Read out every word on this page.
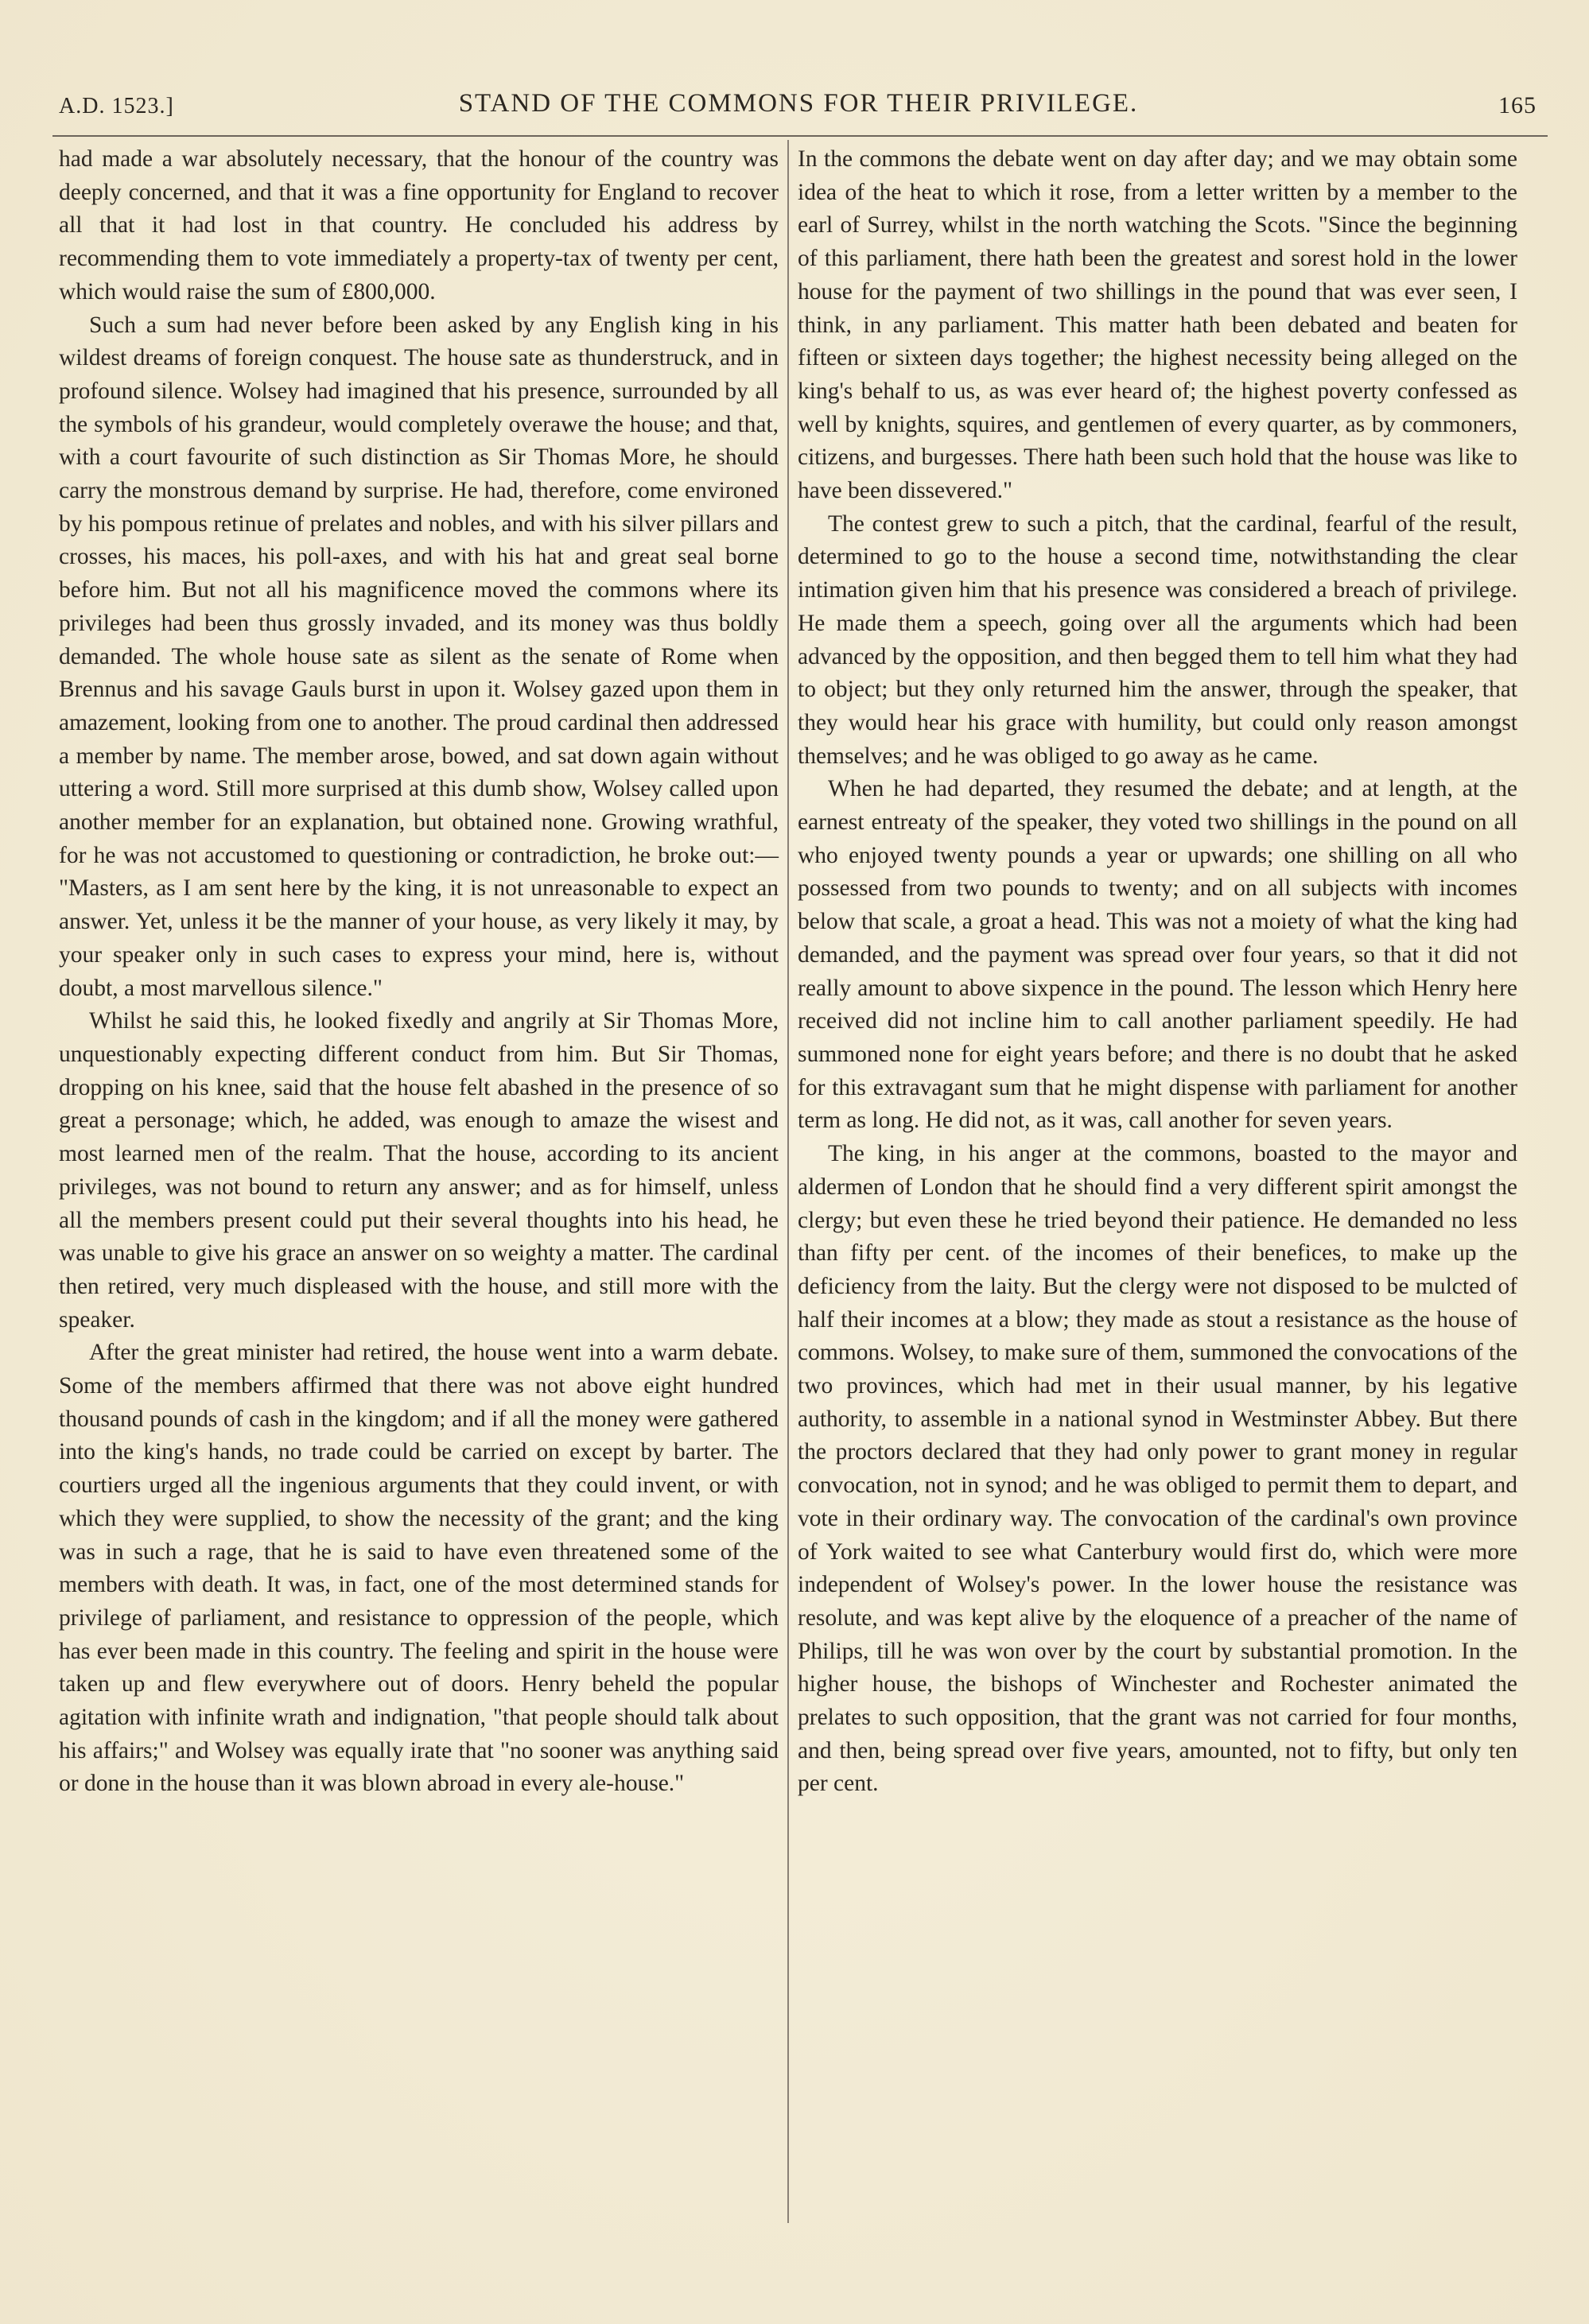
A.D. 1523.]	STAND OF THE COMMONS FOR THEIR PRIVILEGE.	165

had made a war absolutely necessary, that the honour of the country was deeply concerned, and that it was a fine opportunity for England to recover all that it had lost in that country. He concluded his address by recommending them to vote immediately a property-tax of twenty per cent, which would raise the sum of £800,000.

Such a sum had never before been asked by any English king in his wildest dreams of foreign conquest. The house sate as thunderstruck, and in profound silence. Wolsey had imagined that his presence, surrounded by all the symbols of his grandeur, would completely overawe the house; and that, with a court favourite of such distinction as Sir Thomas More, he should carry the monstrous demand by surprise. He had, therefore, come environed by his pompous retinue of prelates and nobles, and with his silver pillars and crosses, his maces, his poll-axes, and with his hat and great seal borne before him. But not all his magnificence moved the commons where its privileges had been thus grossly invaded, and its money was thus boldly demanded. The whole house sate as silent as the senate of Rome when Brennus and his savage Gauls burst in upon it. Wolsey gazed upon them in amazement, looking from one to another. The proud cardinal then addressed a member by name. The member arose, bowed, and sat down again without uttering a word. Still more surprised at this dumb show, Wolsey called upon another member for an explanation, but obtained none. Growing wrathful, for he was not accustomed to questioning or contradiction, he broke out:— "Masters, as I am sent here by the king, it is not unreasonable to expect an answer. Yet, unless it be the manner of your house, as very likely it may, by your speaker only in such cases to express your mind, here is, without doubt, a most marvellous silence."

Whilst he said this, he looked fixedly and angrily at Sir Thomas More, unquestionably expecting different conduct from him. But Sir Thomas, dropping on his knee, said that the house felt abashed in the presence of so great a personage; which, he added, was enough to amaze the wisest and most learned men of the realm. That the house, according to its ancient privileges, was not bound to return any answer; and as for himself, unless all the members present could put their several thoughts into his head, he was unable to give his grace an answer on so weighty a matter. The cardinal then retired, very much displeased with the house, and still more with the speaker.

After the great minister had retired, the house went into a warm debate. Some of the members affirmed that there was not above eight hundred thousand pounds of cash in the kingdom; and if all the money were gathered into the king's hands, no trade could be carried on except by barter. The courtiers urged all the ingenious arguments that they could invent, or with which they were supplied, to show the necessity of the grant; and the king was in such a rage, that he is said to have even threatened some of the members with death. It was, in fact, one of the most determined stands for privilege of parliament, and resistance to oppression of the people, which has ever been made in this country. The feeling and spirit in the house were taken up and flew everywhere out of doors. Henry beheld the popular agitation with infinite wrath and indignation, "that people should talk about his affairs;" and Wolsey was equally irate that "no sooner was anything said or done in the house than it was blown abroad in every ale-house."

In the commons the debate went on day after day; and we may obtain some idea of the heat to which it rose, from a letter written by a member to the earl of Surrey, whilst in the north watching the Scots. "Since the beginning of this parliament, there hath been the greatest and sorest hold in the lower house for the payment of two shillings in the pound that was ever seen, I think, in any parliament. This matter hath been debated and beaten for fifteen or sixteen days together; the highest necessity being alleged on the king's behalf to us, as was ever heard of; the highest poverty confessed as well by knights, squires, and gentlemen of every quarter, as by commoners, citizens, and burgesses. There hath been such hold that the house was like to have been dissevered."

The contest grew to such a pitch, that the cardinal, fearful of the result, determined to go to the house a second time, notwithstanding the clear intimation given him that his presence was considered a breach of privilege. He made them a speech, going over all the arguments which had been advanced by the opposition, and then begged them to tell him what they had to object; but they only returned him the answer, through the speaker, that they would hear his grace with humility, but could only reason amongst themselves; and he was obliged to go away as he came.

When he had departed, they resumed the debate; and at length, at the earnest entreaty of the speaker, they voted two shillings in the pound on all who enjoyed twenty pounds a year or upwards; one shilling on all who possessed from two pounds to twenty; and on all subjects with incomes below that scale, a groat a head. This was not a moiety of what the king had demanded, and the payment was spread over four years, so that it did not really amount to above sixpence in the pound. The lesson which Henry here received did not incline him to call another parliament speedily. He had summoned none for eight years before; and there is no doubt that he asked for this extravagant sum that he might dispense with parliament for another term as long. He did not, as it was, call another for seven years.

The king, in his anger at the commons, boasted to the mayor and aldermen of London that he should find a very different spirit amongst the clergy; but even these he tried beyond their patience. He demanded no less than fifty per cent. of the incomes of their benefices, to make up the deficiency from the laity. But the clergy were not disposed to be mulcted of half their incomes at a blow; they made as stout a resistance as the house of commons. Wolsey, to make sure of them, summoned the convocations of the two provinces, which had met in their usual manner, by his legative authority, to assemble in a national synod in Westminster Abbey. But there the proctors declared that they had only power to grant money in regular convocation, not in synod; and he was obliged to permit them to depart, and vote in their ordinary way. The convocation of the cardinal's own province of York waited to see what Canterbury would first do, which were more independent of Wolsey's power. In the lower house the resistance was resolute, and was kept alive by the eloquence of a preacher of the name of Philips, till he was won over by the court by substantial promotion. In the higher house, the bishops of Winchester and Rochester animated the prelates to such opposition, that the grant was not carried for four months, and then, being spread over five years, amounted, not to fifty, but only ten per cent.
